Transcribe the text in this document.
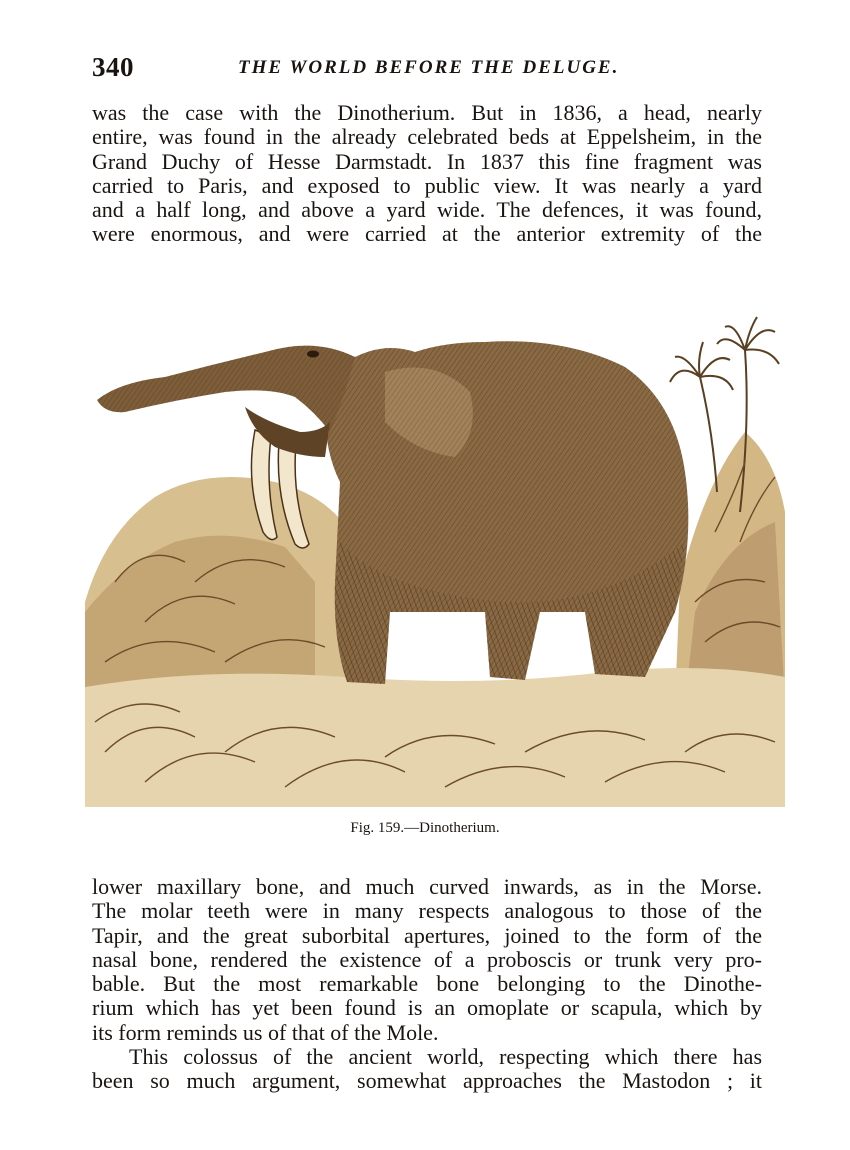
340	THE WORLD BEFORE THE DELUGE.

was the case with the Dinotherium. But in 1836, a head, nearly
entire, was found in the already celebrated beds at Eppelsheim, in the
Grand Duchy of Hesse Darmstadt. In 1837 this fine fragment was
carried to Paris, and exposed to public view. It was nearly a yard
and a half long, and above a yard wide. The defences, it was found,
were enormous, and were carried at the anterior extremity of the

Fig. 159.—Dinotherium.

lower maxillary bone, and much curved inwards, as in the Morse.
The molar teeth were in many respects analogous to those of the
Tapir, and the great suborbital apertures, joined to the form of the
nasal bone, rendered the existence of a proboscis or trunk very pro-
bable. But the most remarkable bone belonging to the Dinothe-
rium which has yet been found is an omoplate or scapula, which by
its form reminds us of that of the Mole.
This colossus of the ancient world, respecting which there has
been so much argument, somewhat approaches the Mastodon ; it
